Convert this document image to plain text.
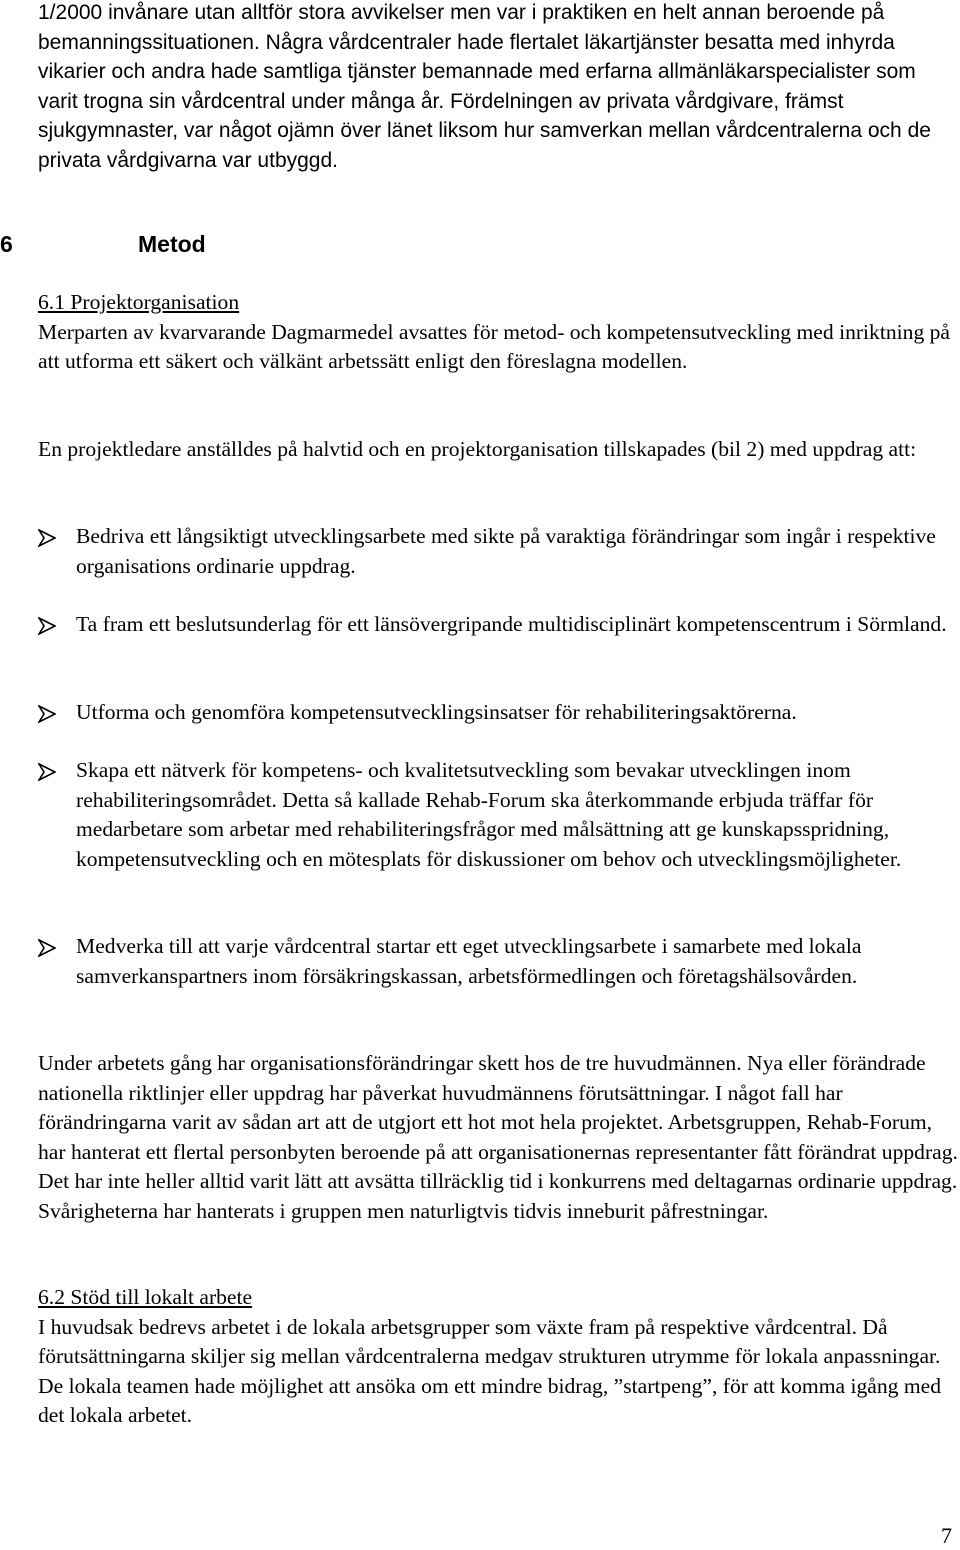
1/2000 invånare utan alltför stora avvikelser men var i praktiken en helt annan beroende på bemanningssituationen. Några vårdcentraler hade flertalet läkartjänster besatta med inhyrda vikarier och andra hade samtliga tjänster bemannade med erfarna allmänläkarspecialister som varit trogna sin vårdcentral under många år. Fördelningen av privata vårdgivare, främst sjukgymnaster, var något ojämn över länet liksom hur samverkan mellan vårdcentralerna och de privata vårdgivarna var utbyggd.

6	Metod
6.1 Projektorganisation
Merparten av kvarvarande Dagmarmedel avsattes för metod- och kompetensutveckling med inriktning på att utforma ett säkert och välkänt arbetssätt enligt den föreslagna modellen.

En projektledare anställdes på halvtid och en projektorganisation tillskapades (bil 2) med uppdrag att:

Bedriva ett långsiktigt utvecklingsarbete med sikte på varaktiga förändringar som ingår i respektive organisations ordinarie uppdrag.
Ta fram ett beslutsunderlag för ett länsövergripande multidisciplinärt kompetenscentrum i Sörmland.
Utforma och genomföra kompetensutvecklingsinsatser för rehabiliteringsaktörerna.
Skapa ett nätverk för kompetens- och kvalitetsutveckling som bevakar utvecklingen inom rehabiliteringsområdet. Detta så kallade Rehab-Forum ska återkommande erbjuda träffar för medarbetare som arbetar med rehabiliteringsfrågor med målsättning att ge kunskapsspridning, kompetensutveckling och en mötesplats för diskussioner om behov och utvecklingsmöjligheter.
Medverka till att varje vårdcentral startar ett eget utvecklingsarbete i samarbete med lokala samverkanspartners inom försäkringskassan, arbetsförmedlingen och företagshälsovården.

Under arbetets gång har organisationsförändringar skett hos de tre huvudmännen. Nya eller förändrade nationella riktlinjer eller uppdrag har påverkat huvudmännens förutsättningar. I något fall har förändringarna varit av sådan art att de utgjort ett hot mot hela projektet. Arbetsgruppen, Rehab-Forum, har hanterat ett flertal personbyten beroende på att organisationernas representanter fått förändrat uppdrag. Det har inte heller alltid varit lätt att avsätta tillräcklig tid i konkurrens med deltagarnas ordinarie uppdrag. Svårigheterna har hanterats i gruppen men naturligtvis tidvis inneburit påfrestningar.

6.2 Stöd till lokalt arbete
I huvudsak bedrevs arbetet i de lokala arbetsgrupper som växte fram på respektive vårdcentral. Då förutsättningarna skiljer sig mellan vårdcentralerna medgav strukturen utrymme för lokala anpassningar. De lokala teamen hade möjlighet att ansöka om ett mindre bidrag, ”startpeng”, för att komma igång med det lokala arbetet.
7
